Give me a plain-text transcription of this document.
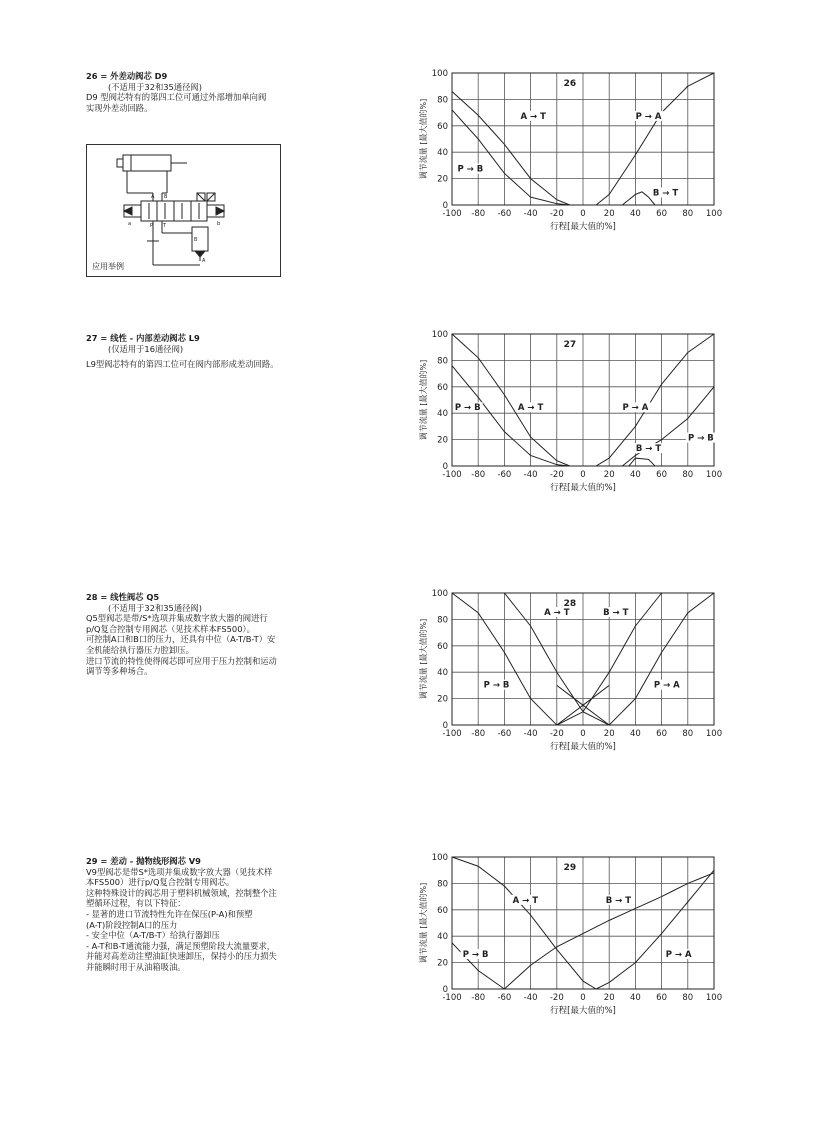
26 = 外差动阀芯 D9

(不适用于32和35通径阀)

D9 型阀芯特有的第四工位可通过外部增加单向阀

实现外差动回路。

A B
P T
a	b
B
A
应用举例

27 = 线性 - 内部差动阀芯 L9

(仅适用于16通径阀)

L9型阀芯特有的第四工位可在阀内部形成差动回路。

28 = 线性阀芯 Q5

(不适用于32和35通径阀)

Q5型阀芯是带/S*选项并集成数字放大器的阀进行

p/Q复合控制专用阀芯（见技术样本FS500）。

可控制A口和B口的压力，还具有中位（A-T/B-T）安

全机能给执行器压力腔卸压。

进口节流的特性使得阀芯即可应用于压力控制和运动

调节等多种场合。

29 = 差动 - 抛物线形阀芯 V9

V9型阀芯是带S*选项并集成数字放大器（见技术样

本FS500）进行p/Q复合控制专用阀芯。

这种特殊设计的阀芯用于塑料机械领域，控制整个注

塑循环过程，有以下特征：

- 显著的进口节流特性允许在保压(P-A)和预塑

(A-T)阶段控制A口的压力

- 安全中位（A-T/B-T）给执行器卸压

- A-T和B-T通流能力强，满足预塑阶段大流量要求，

并能对高差动注塑油缸快速卸压，保持小的压力损失

并能瞬时用于从油箱吸油。

-100 -80 -60 -40 -20 0 20 40 60 80 100
0
20
40
60
80
100
A → T
P → B
P → A
B → T
26
行程[最大值的%]
调节流量 [最大值的%]
-100 -80 -60 -40 -20 0 20 40 60 80 100
0
20
40
60
80
100
P → B	A → T	P → A
B → T
P → B
27
行程[最大值的%]
调节流量 [最大值的%]
-100 -80 -60 -40 -20 0 20 40 60 80 100
0
20
40
60
80
100
A → T	B → T
P → B	P → A
28
行程[最大值的%]
调节流量 [最大值的%]
-100 -80 -60 -40 -20 0 20 40 60 80 100
0
20
40
60
80
100
A → T	B → T
P → B	P → A
29
行程[最大值的%]
调节流量 [最大值的%]
